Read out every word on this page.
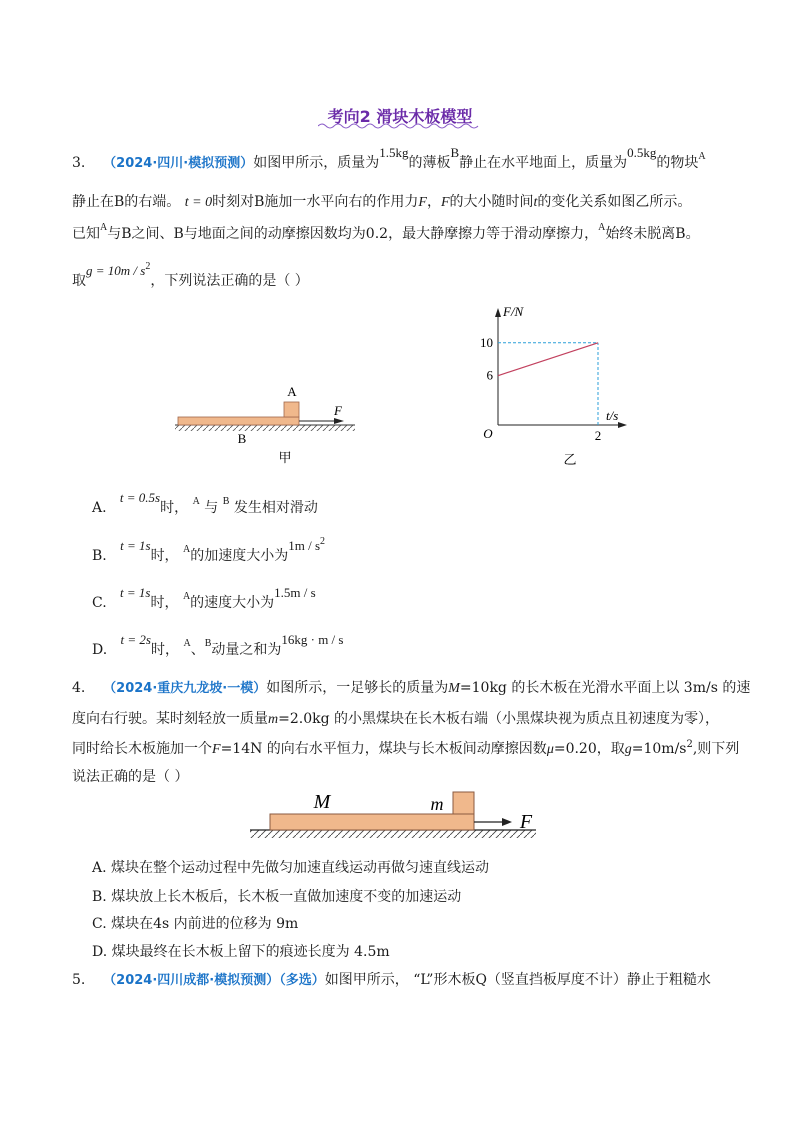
考向2 滑块木板模型
3. （2024·四川·模拟预测）如图甲所示，质量为1.5kg的薄板B静止在水平地面上，质量为0.5kg的物块$^A$
静止在B的右端。 t = 0时刻对B施加一水平向右的作用力F，F的大小随时间t的变化关系如图乙所示。
已知$^A$与B之间、B与地面之间的动摩擦因数均为0.2，最大静摩擦力等于滑动摩擦力，$^A$始终未脱离B。
取$g = 10m / s^2$，下列说法正确的是（ ）
A
F
B
甲
F/N
t/s
O
6
10
2
乙
A.   t = 0.5s时， $^A$ 与 $^B$ 发生相对滑动
B.   t = 1s时， $^A$的加速度大小为$1m / s^2$
C.   t = 1s时， $^A$的速度大小为1.5m / s
D.   t = 2s时， $^A$、$^B$动量之和为16kg · m / s
4. （2024·重庆九龙坡·一模）如图所示，一足够长的质量为M=10kg 的长木板在光滑水平面上以 3m/s 的速
度向右行驶。某时刻轻放一质量m=2.0kg 的小黑煤块在长木板右端（小黑煤块视为质点且初速度为零），
同时给长木板施加一个F=14N 的向右水平恒力，煤块与长木板间动摩擦因数μ=0.20，取$g=10m/s^2$,则下列
说法正确的是（ ）
M	m
F
A. 煤块在整个运动过程中先做匀加速直线运动再做匀速直线运动
B. 煤块放上长木板后，长木板一直做加速度不变的加速运动
C. 煤块在4s 内前进的位移为 9m
D. 煤块最终在长木板上留下的痕迹长度为 4.5m
5. （2024·四川成都·模拟预测）（多选）如图甲所示， “L”形木板Q（竖直挡板厚度不计）静止于粗糙水
